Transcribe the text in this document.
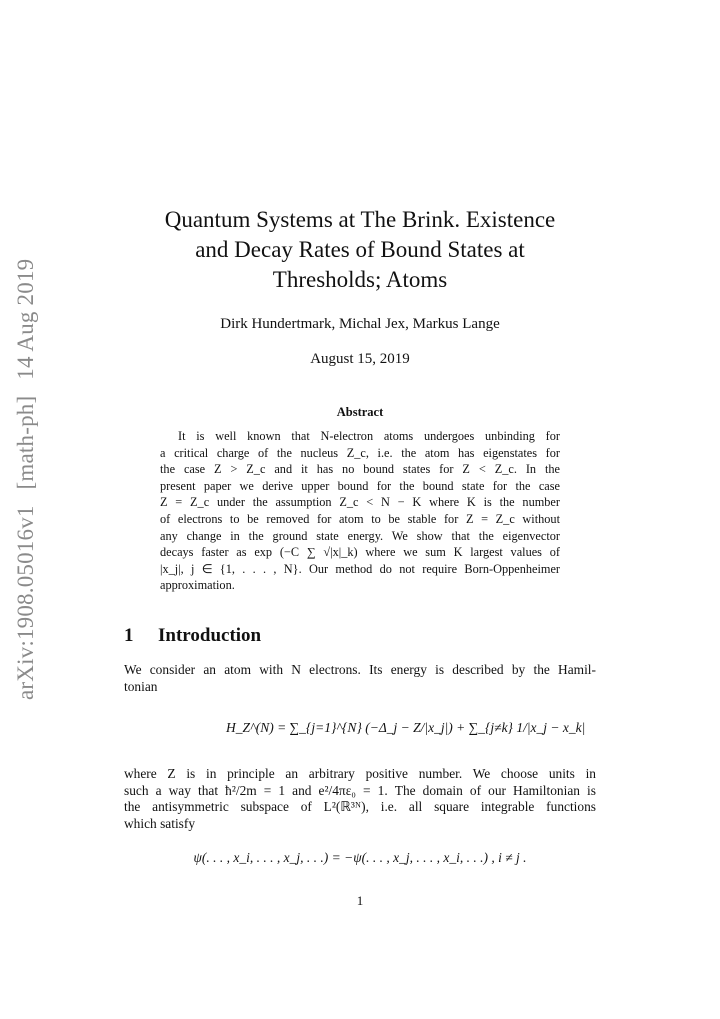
arXiv:1908.05016v1 [math-ph] 14 Aug 2019
Quantum Systems at The Brink. Existence
and Decay Rates of Bound States at
Thresholds; Atoms
Dirk Hundertmark, Michal Jex, Markus Lange
August 15, 2019
Abstract
It is well known that N-electron atoms undergoes unbinding for
a critical charge of the nucleus Z_c, i.e. the atom has eigenstates for
the case Z > Z_c and it has no bound states for Z < Z_c. In the
present paper we derive upper bound for the bound state for the case
Z = Z_c under the assumption Z_c < N − K where K is the number
of electrons to be removed for atom to be stable for Z = Z_c without
any change in the ground state energy. We show that the eigenvector
decays faster as exp (−C ∑ √|x|_k) where we sum K largest values of
|x_j|, j ∈ {1, . . . , N}. Our method do not require Born-Oppenheimer
approximation.
1 Introduction
We consider an atom with N electrons. Its energy is described by the Hamil-
tonian
H_Z^(N) = ∑_{j=1}^{N} (−Δ_j − Z/|x_j|) + ∑_{j≠k} 1/|x_j − x_k|
where Z is in principle an arbitrary positive number. We choose units in
such a way that ħ²/2m = 1 and e²/4πε₀ = 1. The domain of our Hamiltonian is
the antisymmetric subspace of L²(ℝ³ᴺ), i.e. all square integrable functions
which satisfy
ψ(. . . , x_i, . . . , x_j, . . .) = −ψ(. . . , x_j, . . . , x_i, . . .) , i ≠ j .
1
